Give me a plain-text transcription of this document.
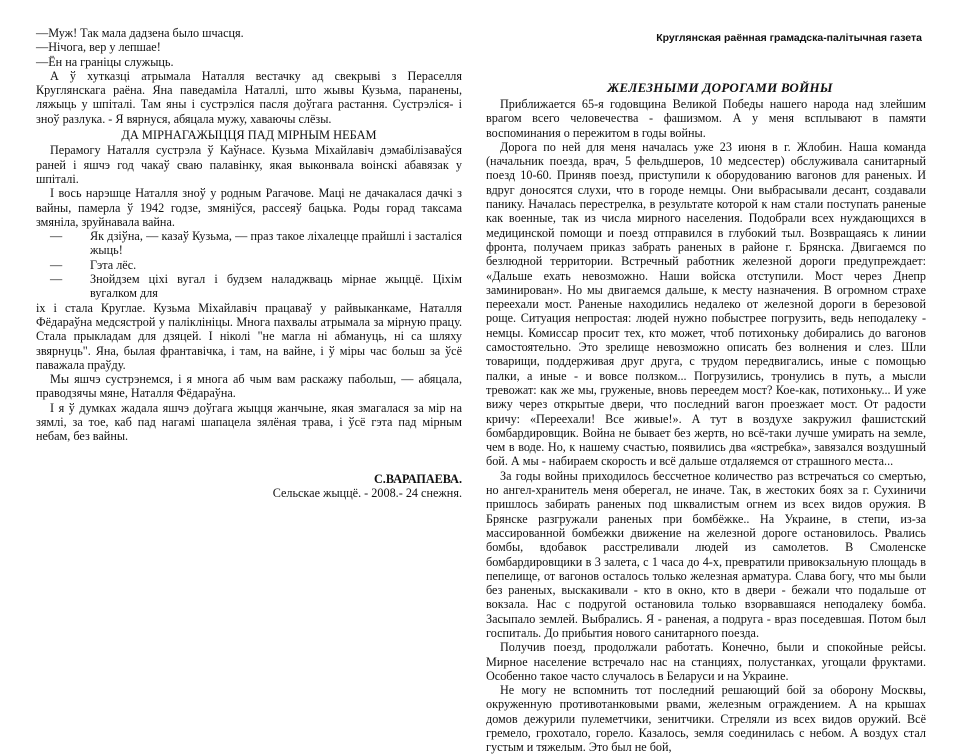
—Муж! Так мала дадзена было шчасця.

—Нічога, вер у лепшае!

—Ён на граніцы служыць.

А ў хутказці атрымала Наталля вестачку ад свекрыві з Пераселля Круглянскага раёна. Яна паведаміла Наталлі, што жывы Кузьма, паранены, ляжыць у шпіталі. Там яны і сустрэліся пасля доўгага растання. Сустрэліся- і зноў разлука. - Я вярнуся, абяцала мужу, хаваючы слёзы.

ДА МІРНАГАЖЫЦЦЯ ПАД МІРНЫМ НЕБАМ

Перамогу Наталля сустрэла ў Каўнасе. Кузьма Міхайлавіч дэмабілізаваўся раней і яшчэ год чакаў сваю палавінку, якая выконвала воінскі абавязак у шпіталі.

І вось нарэшце Наталля зноў у родным Рагачове. Маці не дачакалася дачкі з вайны, памерла ў 1942 годзе, змяніўся, рассеяў бацька. Роды горад таксама змяніла, зруйнавала вайна.

—	Як дзіўна, — казаў Кузьма, — праз такое ліхалецце прайшлі і засталіся жыць!
—	Гэта лёс.
—	Знойдзем ціхі вугал і будзем наладжваць мірнае жыццё. Ціхім вугалком для

іх і стала Круглае. Кузьма Міхайлавіч працаваў у райвыканкаме, Наталля Фёдараўна медсястрой у паліклініцы. Многа пахвалы атрымала за мірную працу. Стала прыкладам для дзяцей. І ніколі "не магла ні абмануць, ні са шляху звярнуць". Яна, былая франтавічка, і там, на вайне, і ў міры час больш за ўсё паважала праўду.

Мы яшчэ сустрэнемся, і я многа аб чым вам раскажу пабольш, — абяцала, праводзячы мяне, Наталля Фёдараўна.

І я ў думках жадала яшчэ доўгага жыцця жанчыне, якая змагалася за мір на зямлі, за тое, каб пад нагамі шапацела зялёная трава, і ўсё гэта пад мірным небам, без вайны.

С.ВАРАПАЕВА.

Сельскае жыццё. - 2008.- 24 снежня.

Круглянская раённая грамадска-палітычная газета
ЖЕЛЕЗНЫМИ ДОРОГАМИ ВОЙНЫ

Приближается 65-я годовщина Великой Победы нашего народа над злейшим врагом всего человечества - фашизмом. А у меня всплывают в памяти воспоминания о пережитом в годы войны.

Дорога по ней для меня началась уже 23 июня в г. Жлобин. Наша команда (начальник поезда, врач, 5 фельдшеров, 10 медсестер) обслуживала санитарный поезд 10-60. Приняв поезд, приступили к оборудованию вагонов для раненых. И вдруг доносятся слухи, что в городе немцы. Они выбрасывали десант, создавали панику. Началась перестрелка, в результате которой к нам стали поступать раненые как военные, так из числа мирного населения. Подобрали всех нуждающихся в медицинской помощи и поезд отправился в глубокий тыл. Возвращаясь к линии фронта, получаем приказ забрать раненых в районе г. Брянска. Двигаемся по безлюдной территории. Встречный работник железной дороги предупреждает: «Дальше ехать невозможно. Наши войска отступили. Мост через Днепр заминирован». Но мы двигаемся дальше, к месту назначения. В огромном страхе переехали мост. Раненые находились недалеко от железной дороги в березовой роще. Ситуация непростая: людей нужно побыстрее погрузить, ведь неподалеку - немцы. Комиссар просит тех, кто может, чтоб потихоньку добирались до вагонов самостоятельно. Это зрелище невозможно описать без волнения и слез. Шли товарищи, поддерживая друг друга, с трудом передвигались, иные с помощью палки, а иные - и вовсе ползком... Погрузились, тронулись в путь, а мысли тревожат: как же мы, груженые, вновь переедем мост? Кое-как, потихоньку... И уже вижу через открытые двери, что последний вагон проезжает мост. От радости кричу: «Переехали! Все живые!». А тут в воздухе закружил фашистский бомбардировщик. Война не бывает без жертв, но всё-таки лучше умирать на земле, чем в воде. Но, к нашему счастью, появились два «ястребка», завязался воздушный бой. А мы - набираем скорость и всё дальше отдаляемся от страшного места...

За годы войны приходилось бессчетное количество раз встречаться со смертью, но ангел-хранитель меня оберегал, не иначе. Так, в жестоких боях за г. Сухиничи пришлось забирать раненых под шквалистым огнем из всех видов оружия. В Брянске разгружали раненых при бомбёжке.. На Украине, в степи, из-за массированной бомбежки движение на железной дороге остановилось. Рвались бомбы, вдобавок расстреливали людей из самолетов. В Смоленске бомбардировщики в 3 залета, с 1 часа до 4-х, превратили привокзальную площадь в пепелище, от вагонов осталось только железная арматура. Слава богу, что мы были без раненых, выскакивали - кто в окно, кто в двери - бежали что подальше от вокзала. Нас с подругой остановила только взорвавшаяся неподалеку бомба. Засыпало землей. Выбрались. Я - раненая, а подруга - враз поседевшая. Потом был госпиталь. До прибытия нового санитарного поезда.

Получив поезд, продолжали работать. Конечно, были и спокойные рейсы. Мирное население встречало нас на станциях, полустанках, угощали фруктами. Особенно такое часто случалось в Беларуси и на Украине.

Не могу не вспомнить тот последний решающий бой за оборону Москвы, окруженную противотанковыми рвами, железным ограждением. А на крышах домов дежурили пулеметчики, зенитчики. Стреляли из всех видов оружий. Всё гремело, грохотало, горело. Казалось, земля соединилась с небом. А воздух стал густым и тяжелым. Это был не бой,
